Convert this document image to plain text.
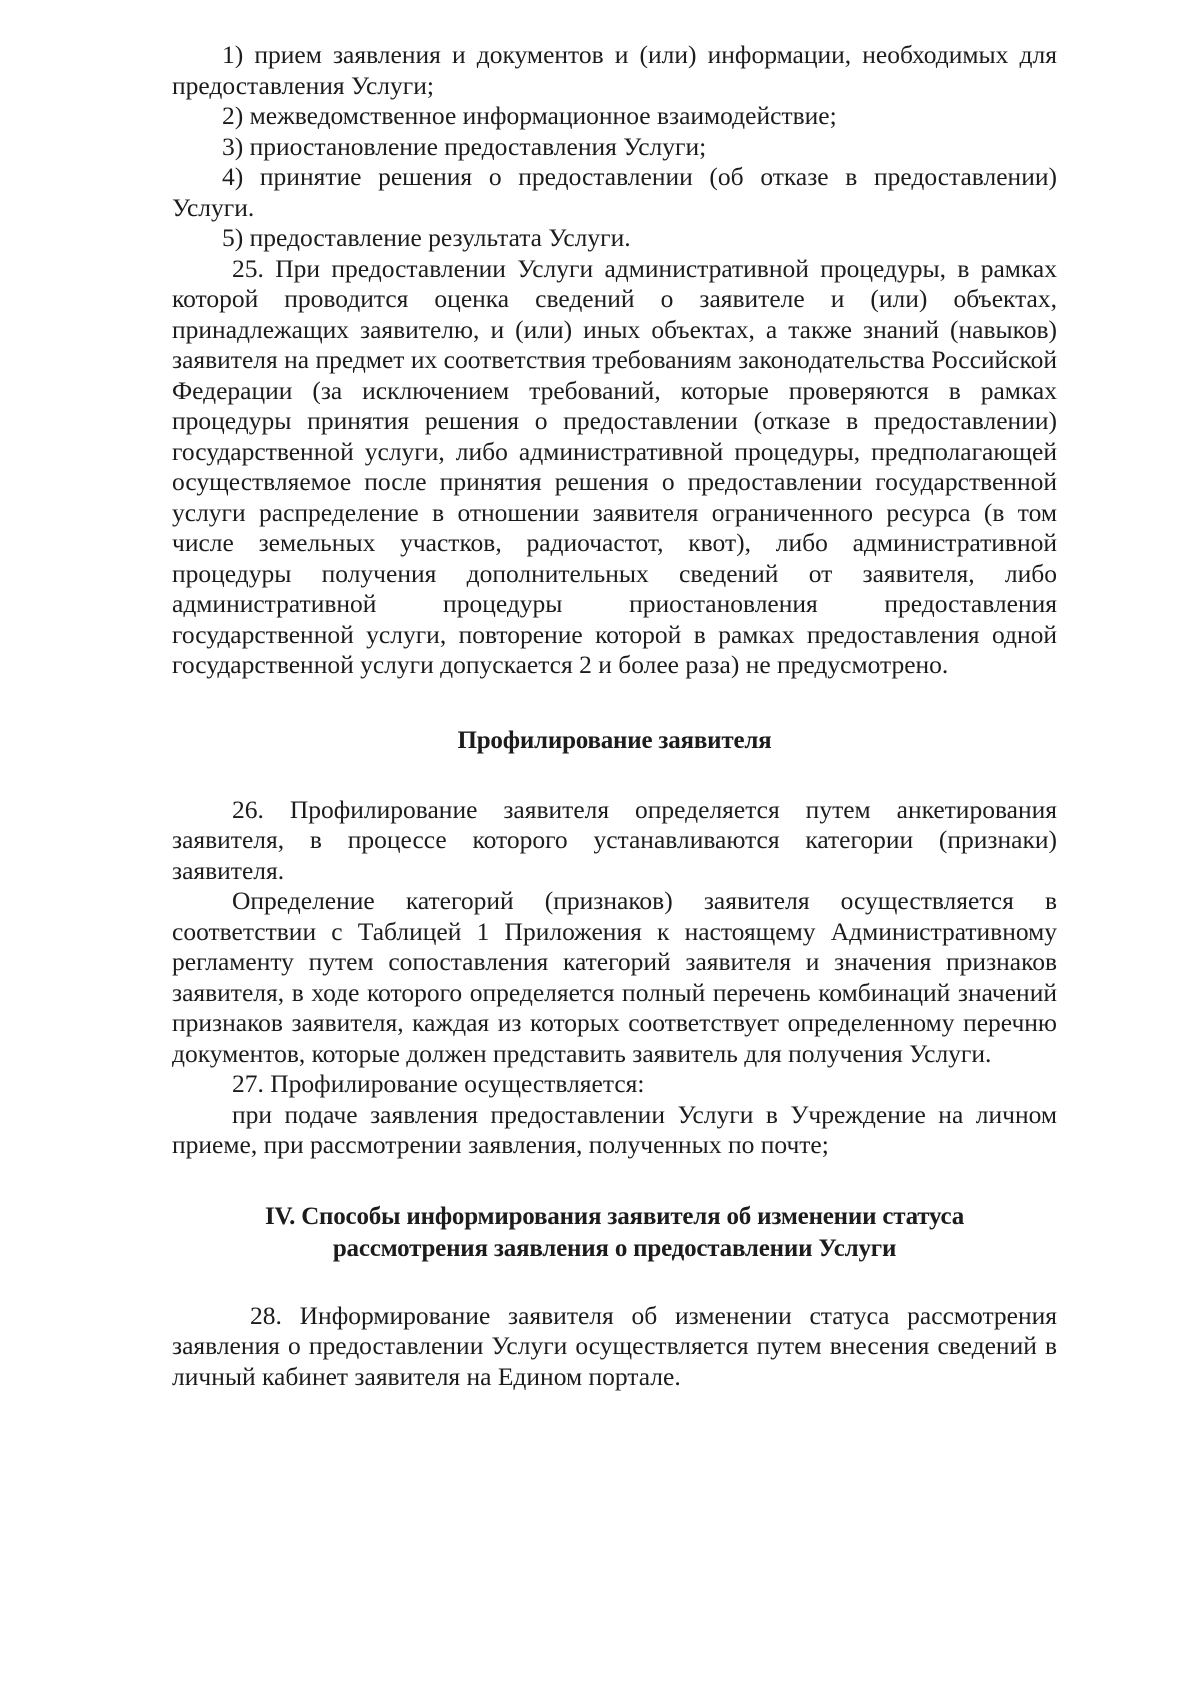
1) прием заявления и документов и (или) информации, необходимых для предоставления Услуги;

2) межведомственное информационное взаимодействие;

3) приостановление предоставления Услуги;

4) принятие решения о предоставлении (об отказе в предоставлении) Услуги.

5) предоставление результата Услуги.

25. При предоставлении Услуги административной процедуры, в рамках которой проводится оценка сведений о заявителе и (или) объектах, принадлежащих заявителю, и (или) иных объектах, а также знаний (навыков) заявителя на предмет их соответствия требованиям законодательства Российской Федерации (за исключением требований, которые проверяются в рамках процедуры принятия решения о предоставлении (отказе в предоставлении) государственной услуги, либо административной процедуры, предполагающей осуществляемое после принятия решения о предоставлении государственной услуги распределение в отношении заявителя ограниченного ресурса (в том числе земельных участков, радиочастот, квот), либо административной процедуры получения дополнительных сведений от заявителя, либо административной процедуры приостановления предоставления государственной услуги, повторение которой в рамках предоставления одной государственной услуги допускается 2 и более раза) не предусмотрено.

Профилирование заявителя

26. Профилирование заявителя определяется путем анкетирования заявителя, в процессе которого устанавливаются категории (признаки) заявителя.

Определение категорий (признаков) заявителя осуществляется в соответствии с Таблицей 1 Приложения к настоящему Административному регламенту путем сопоставления категорий заявителя и значения признаков заявителя, в ходе которого определяется полный перечень комбинаций значений признаков заявителя, каждая из которых соответствует определенному перечню документов, которые должен представить заявитель для получения Услуги.

27. Профилирование осуществляется:

при подаче заявления предоставлении Услуги в Учреждение на личном приеме, при рассмотрении заявления, полученных по почте;

IV. Способы информирования заявителя об изменении статуса

рассмотрения заявления о предоставлении Услуги

28. Информирование заявителя об изменении статуса рассмотрения заявления о предоставлении Услуги осуществляется путем внесения сведений в личный кабинет заявителя на Едином портале.
